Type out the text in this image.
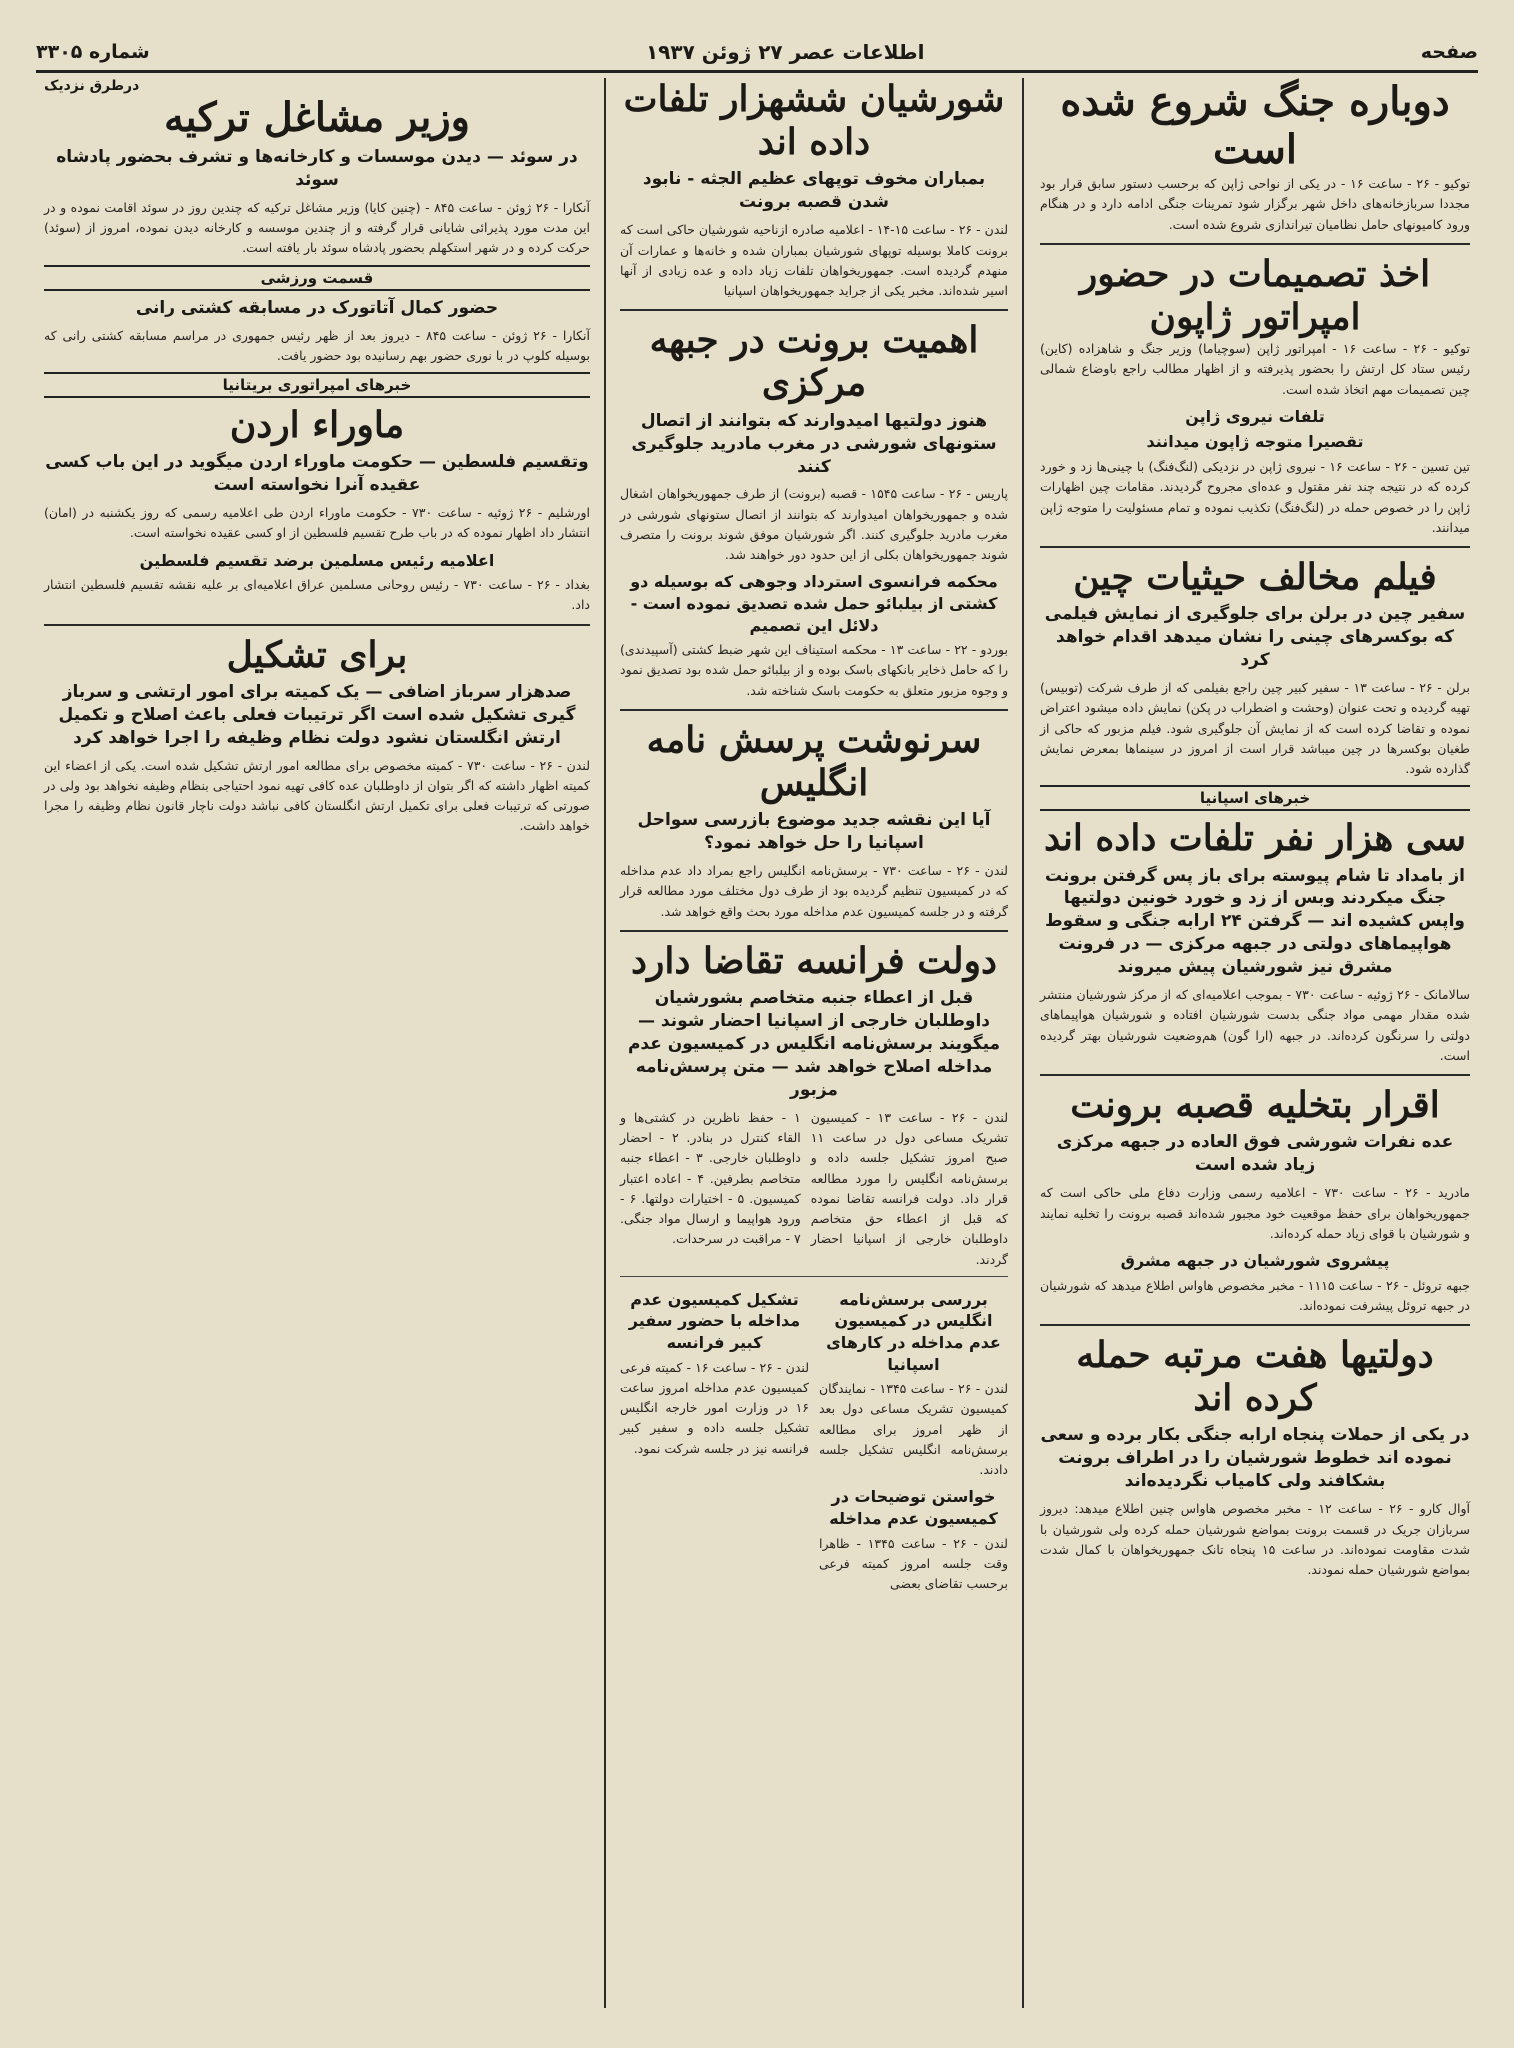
صفحه
اطلاعات عصر ۲۷ ژوئن ۱۹۳۷
شماره ۳۳۰۵
دوباره جنگ شروع شده است

توکیو - ۲۶ - ساعت ۱۶ - در یکی از نواحی ژاپن که برحسب دستور سابق قرار بود مجددا سربازخانه‌های داخل شهر برگزار شود تمرینات جنگی ادامه دارد و در هنگام ورود کامیونهای حامل نظامیان تیراندازی شروع شده است.

اخذ تصمیمات در حضور امپراتور ژاپون

توکیو - ۲۶ - ساعت ۱۶ - امپراتور ژاپن (سوچیاما) وزیر جنگ و شاهزاده (کاین) رئیس ستاد کل ارتش را بحضور پذیرفته و از اظهار مطالب راجع باوضاع شمالی چین تصمیمات مهم اتخاذ شده است.

تلفات نیروی ژاپن
تقصیرا متوجه ژاپون میدانند

تین تسین - ۲۶ - ساعت ۱۶ - نیروی ژاپن در نزدیکی (لنگ‌فنگ) با چینی‌ها زد و خورد کرده که در نتیجه چند نفر مقتول و عده‌ای مجروح گردیدند. مقامات چین اظهارات ژاپن را در خصوص حمله در (لنگ‌فنگ) تکذیب نموده و تمام مسئولیت را متوجه ژاپن میدانند.

فیلم مخالف حیثیات چین
سفیر چین در برلن برای جلوگیری از نمایش فیلمی که بوکسرهای چینی را نشان میدهد اقدام خواهد کرد

برلن - ۲۶ - ساعت ۱۳ - سفیر کبیر چین راجع بفیلمی که از طرف شرکت (توبیس) تهیه گردیده و تحت عنوان (وحشت و اضطراب در پکن) نمایش داده میشود اعتراض نموده و تقاضا کرده است که از نمایش آن جلوگیری شود. فیلم مزبور که حاکی از طغیان بوکسرها در چین میباشد قرار است از امروز در سینماها بمعرض نمایش گذارده شود.

خبرهای اسپانیا
سی هزار نفر تلفات داده اند
از بامداد تا شام پیوسته برای باز پس گرفتن برونت جنگ میکردند وبس از زد و خورد خونین دولتیها واپس کشیده اند — گرفتن ۲۴ ارابه جنگی و سقوط هواپیماهای دولتی در جبهه مرکزی — در فرونت مشرق نیز شورشیان پیش میروند

سالامانک - ۲۶ ژوئیه - ساعت ۷۳۰ - بموجب اعلامیه‌ای که از مرکز شورشیان منتشر شده مقدار مهمی مواد جنگی بدست شورشیان افتاده و شورشیان هواپیماهای دولتی را سرنگون کرده‌اند. در جبهه (ارا گون) هم‌وضعیت شورشیان بهتر گردیده است.

اقرار بتخلیه قصبه برونت
عده نفرات شورشی فوق العاده در جبهه مرکزی زیاد شده است

مادرید - ۲۶ - ساعت ۷۳۰ - اعلامیه رسمی وزارت دفاع ملی حاکی است که جمهوریخواهان برای حفظ موقعیت خود مجبور شده‌اند قصبه برونت را تخلیه نمایند و شورشیان با قوای زیاد حمله کرده‌اند.

پیشروی شورشیان در جبهه مشرق

جبهه تروئل - ۲۶ - ساعت ۱۱۱۵ - مخبر مخصوص هاواس اطلاع میدهد که شورشیان در جبهه تروئل پیشرفت نموده‌اند.

دولتیها هفت مرتبه حمله کرده اند
در یکی از حملات پنجاه ارابه جنگی بکار برده و سعی نموده اند خطوط شورشیان را در اطراف برونت بشکافند ولی کامیاب نگردیده‌اند

آوال کارو - ۲۶ - ساعت ۱۲ - مخبر مخصوص هاواس چنین اطلاع میدهد: دیروز سربازان جریک در قسمت برونت بمواضع شورشیان حمله کرده ولی شورشیان با شدت مقاومت نموده‌اند. در ساعت ۱۵ پنجاه تانک جمهوریخواهان با کمال شدت بمواضع شورشیان حمله نمودند.

شورشیان ششهزار تلفات داده اند
بمباران مخوف توپهای عظیم الجثه - نابود شدن قصبه برونت

لندن - ۲۶ - ساعت ۱۵-۱۴ - اعلامیه صادره ازناحیه شورشیان حاکی است که برونت کاملا بوسیله توپهای شورشیان بمباران شده و خانه‌ها و عمارات آن منهدم گردیده است. جمهوریخواهان تلفات زیاد داده و عده زیادی از آنها اسیر شده‌اند. مخبر یکی از جراید جمهوریخواهان اسپانیا

اهمیت برونت در جبهه مرکزی
هنوز دولتیها امیدوارند که بتوانند از اتصال ستونهای شورشی در مغرب مادرید جلوگیری کنند

پاریس - ۲۶ - ساعت ۱۵۴۵ - قصبه (برونت) از طرف جمهوریخواهان اشغال شده و جمهوریخواهان امیدوارند که بتوانند از اتصال ستونهای شورشی در مغرب مادرید جلوگیری کنند. اگر شورشیان موفق شوند برونت را متصرف شوند جمهوریخواهان بکلی از این حدود دور خواهند شد.

محکمه فرانسوی استرداد وجوهی که بوسیله دو کشتی از بیلبائو حمل شده تصدیق نموده است - دلائل این تصمیم

بوردو - ۲۲ - ساعت ۱۳ - محکمه استیناف این شهر ضبط کشتی (آسپیدندی) را که حامل ذخایر بانکهای باسک بوده و از بیلبائو حمل شده بود تصدیق نمود و وجوه مزبور متعلق به حکومت باسک شناخته شد.

سرنوشت پرسش نامه انگلیس
آیا این نقشه جدید موضوع بازرسی سواحل اسپانیا را حل خواهد نمود؟

لندن - ۲۶ - ساعت ۷۳۰ - برسش‌نامه انگلیس راجع بمراد داد عدم مداخله که در کمیسیون تنظیم گردیده بود از طرف دول مختلف مورد مطالعه قرار گرفته و در جلسه کمیسیون عدم مداخله مورد بحث واقع خواهد شد.

دولت فرانسه تقاضا دارد
قبل از اعطاء جنبه متخاصم بشورشیان داوطلبان خارجی از اسپانیا احضار شوند — میگویند برسش‌نامه انگلیس در کمیسیون عدم مداخله اصلاح خواهد شد — متن پرسش‌نامه مزبور

لندن - ۲۶ - ساعت ۱۳ - کمیسیون تشریک مساعی دول در ساعت ۱۱ صبح امروز تشکیل جلسه داده و برسش‌نامه انگلیس را مورد مطالعه قرار داد. دولت فرانسه تقاضا نموده که قبل از اعطاء حق متخاصم داوطلبان خارجی از اسپانیا احضار گردند.

۱ - حفظ ناظرین در کشتی‌ها و القاء کنترل در بنادر. ۲ - احضار داوطلبان خارجی. ۳ - اعطاء جنبه متخاصم بطرفین. ۴ - اعاده اعتبار کمیسیون. ۵ - اختیارات دولتها. ۶ - ورود هواپیما و ارسال مواد جنگی. ۷ - مراقبت در سرحدات.

بررسی برسش‌نامه انگلیس در کمیسیون عدم مداخله در کارهای اسپانیا

لندن - ۲۶ - ساعت ۱۳۴۵ - نمایندگان کمیسیون تشریک مساعی دول بعد از ظهر امروز برای مطالعه برسش‌نامه انگلیس تشکیل جلسه دادند.

خواستن توضیحات در کمیسیون عدم مداخله

لندن - ۲۶ - ساعت ۱۳۴۵ - ظاهرا وقت جلسه امروز کمیته فرعی برحسب تقاضای بعضی

تشکیل کمیسیون عدم مداخله با حضور سفیر کبیر فرانسه

لندن - ۲۶ - ساعت ۱۶ - کمیته فرعی کمیسیون عدم مداخله امروز ساعت ۱۶ در وزارت امور خارجه انگلیس تشکیل جلسه داده و سفیر کبیر فرانسه نیز در جلسه شرکت نمود.

درطرق نزدیک
وزیر مشاغل ترکیه
در سوئد — دیدن موسسات و کارخانه‌ها و تشرف بحضور پادشاه سوئد

آنکارا - ۲۶ ژوئن - ساعت ۸۴۵ - (چنین کایا) وزیر مشاغل ترکیه که چندین روز در سوئد اقامت نموده و در این مدت مورد پذیرائی شایانی قرار گرفته و از چندین موسسه و کارخانه دیدن نموده، امروز از (سوئد) حرکت کرده و در شهر استکهلم بحضور پادشاه سوئد بار یافته است.

قسمت ورزشی
حضور کمال آتاتورک در مسابقه کشتی رانی

آنکارا - ۲۶ ژوئن - ساعت ۸۴۵ - دیروز بعد از ظهر رئیس جمهوری در مراسم مسابقه کشتی رانی که بوسیله کلوپ در با نوری حضور بهم رسانیده بود حضور یافت.

خبرهای امپراتوری بریتانیا
ماوراء اردن
وتقسیم فلسطین — حکومت ماوراء اردن میگوید در این باب کسی عقیده آنرا نخواسته است

اورشلیم - ۲۶ ژوئیه - ساعت ۷۳۰ - حکومت ماوراء اردن طی اعلامیه رسمی که روز یکشنبه در (امان) انتشار داد اظهار نموده که در باب طرح تقسیم فلسطین از او کسی عقیده نخواسته است.

اعلامیه رئیس مسلمین برضد تقسیم فلسطین

بغداد - ۲۶ - ساعت ۷۳۰ - رئیس روحانی مسلمین عراق اعلامیه‌ای بر علیه نقشه تقسیم فلسطین انتشار داد.

برای تشکیل
صدهزار سرباز اضافی — یک کمیته برای امور ارتشی و سرباز گیری تشکیل شده است اگر ترتیبات فعلی باعث اصلاح و تکمیل ارتش انگلستان نشود دولت نظام وظیفه را اجرا خواهد کرد

لندن - ۲۶ - ساعت ۷۳۰ - کمیته مخصوص برای مطالعه امور ارتش تشکیل شده است. یکی از اعضاء این کمیته اظهار داشته که اگر بتوان از داوطلبان عده کافی تهیه نمود احتیاجی بنظام وظیفه نخواهد بود ولی در صورتی که ترتیبات فعلی برای تکمیل ارتش انگلستان کافی نباشد دولت ناچار قانون نظام وظیفه را مجرا خواهد داشت.
